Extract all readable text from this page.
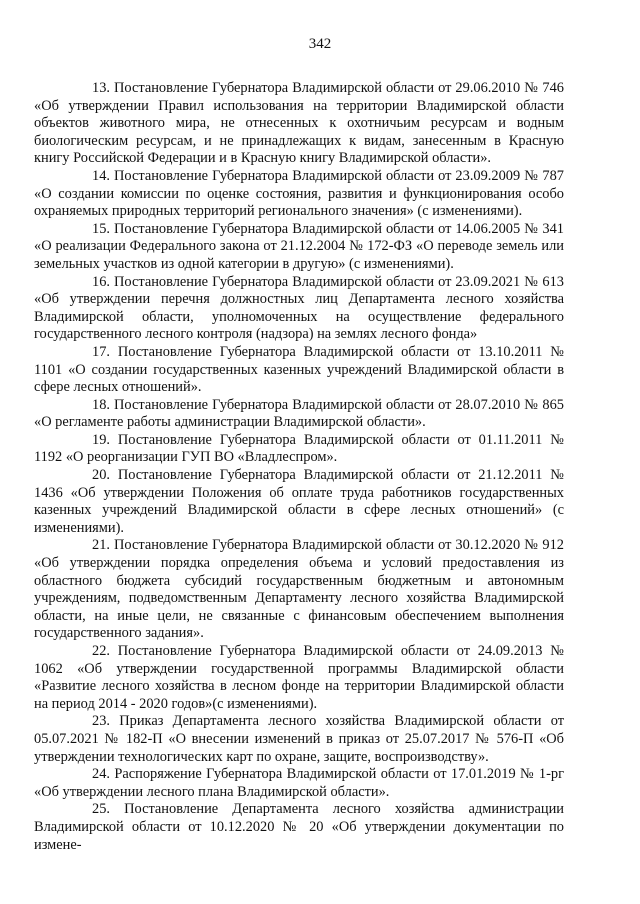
342

13. Постановление Губернатора Владимирской области от 29.06.2010 № 746 «Об утверждении Правил использования на территории Владимирской области объектов животного мира, не отнесенных к охотничьим ресурсам и водным биологическим ресурсам, и не принадлежащих к видам, занесенным в Красную книгу Российской Федерации и в Красную книгу Владимирской области».

14. Постановление Губернатора Владимирской области от 23.09.2009 № 787 «О создании комиссии по оценке состояния, развития и функционирования особо охраняемых природных территорий регионального значения» (с изменениями).

15. Постановление Губернатора Владимирской области от 14.06.2005 № 341 «О реализации Федерального закона от 21.12.2004 № 172-ФЗ «О переводе земель или земельных участков из одной категории в другую» (с изменениями).

16. Постановление Губернатора Владимирской области от 23.09.2021 № 613 «Об утверждении перечня должностных лиц Департамента лесного хозяйства Владимирской области, уполномоченных на осуществление федерального государственного лесного контроля (надзора) на землях лесного фонда»

17. Постановление Губернатора Владимирской области от 13.10.2011 № 1101 «О создании государственных казенных учреждений Владимирской области в сфере лесных отношений».

18. Постановление Губернатора Владимирской области от 28.07.2010 № 865 «О регламенте работы администрации Владимирской области».

19. Постановление Губернатора Владимирской области от 01.11.2011 № 1192 «О реорганизации ГУП ВО «Владлеспром».

20. Постановление Губернатора Владимирской области от 21.12.2011 № 1436 «Об утверждении Положения об оплате труда работников государственных казенных учреждений Владимирской области в сфере лесных отношений» (с изменениями).

21. Постановление Губернатора Владимирской области от 30.12.2020 № 912 «Об утверждении порядка определения объема и условий предоставления из областного бюджета субсидий государственным бюджетным и автономным учреждениям, подведомственным Департаменту лесного хозяйства Владимирской области, на иные цели, не связанные с финансовым обеспечением выполнения государственного задания».

22. Постановление Губернатора Владимирской области от 24.09.2013 № 1062 «Об утверждении государственной программы Владимирской области «Развитие лесного хозяйства в лесном фонде на территории Владимирской области на период 2014 - 2020 годов»(с изменениями).

23. Приказ Департамента лесного хозяйства Владимирской области от 05.07.2021 № 182-П «О внесении изменений в приказ от 25.07.2017 № 576-П «Об утверждении технологических карт по охране, защите, воспроизводству».

24. Распоряжение Губернатора Владимирской области от 17.01.2019 № 1-рг «Об утверждении лесного плана Владимирской области».

25. Постановление Департамента лесного хозяйства администрации Владимирской области от 10.12.2020 № 20 «Об утверждении документации по измене-
